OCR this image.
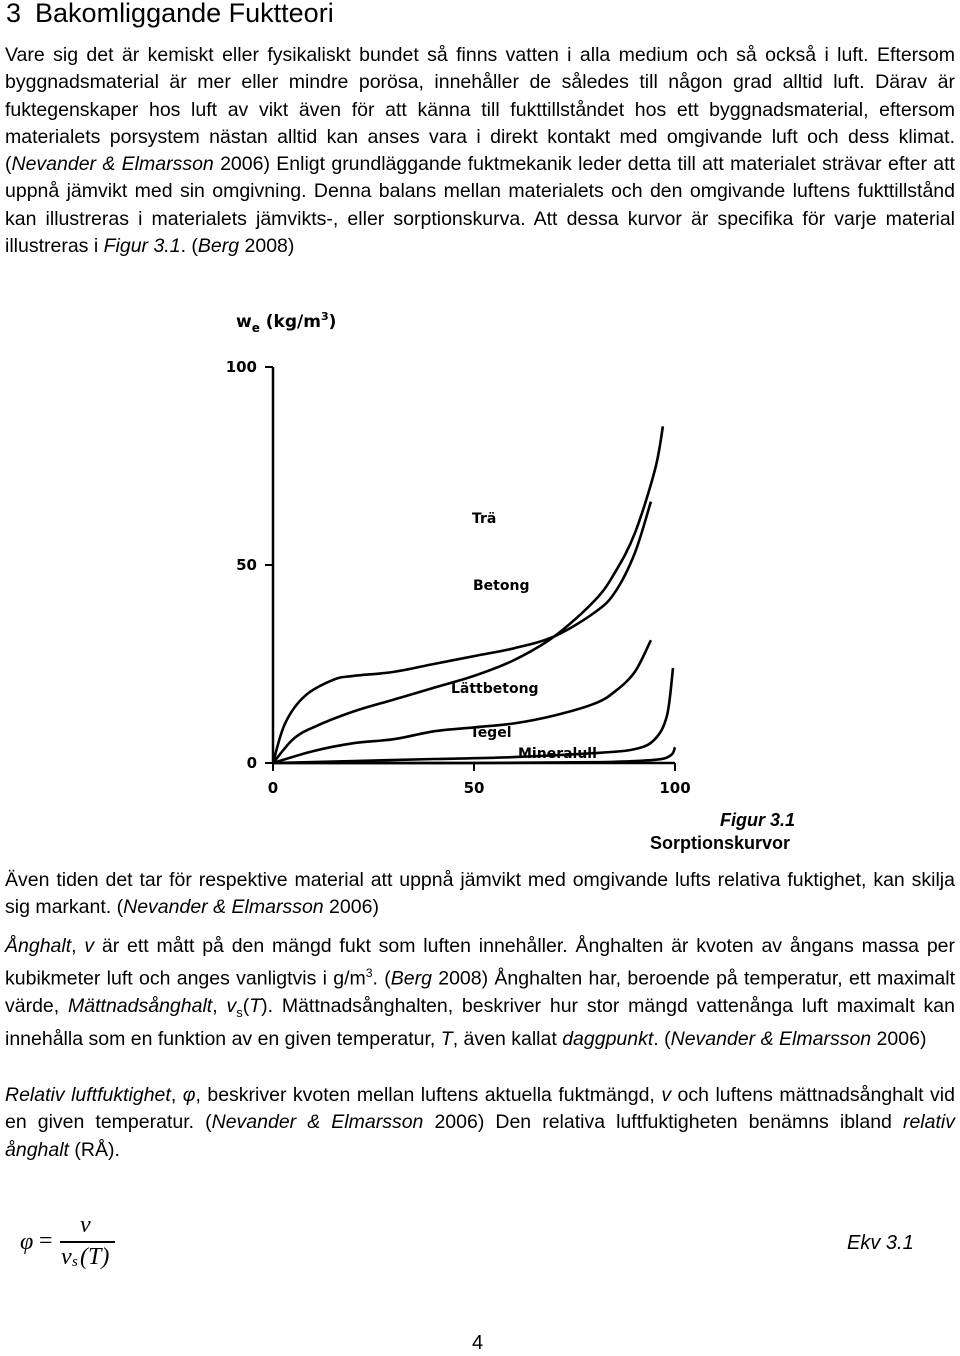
3 Bakomliggande Fuktteori

Vare sig det är kemiskt eller fysikaliskt bundet så finns vatten i alla medium och så också i luft. Eftersom byggnadsmaterial är mer eller mindre porösa, innehåller de således till någon grad alltid luft. Därav är fuktegenskaper hos luft av vikt även för att känna till fukttillståndet hos ett byggnadsmaterial, eftersom materialets porsystem nästan alltid kan anses vara i direkt kontakt med omgivande luft och dess klimat. (Nevander & Elmarsson 2006) Enligt grundläggande fuktmekanik leder detta till att materialet strävar efter att uppnå jämvikt med sin omgivning. Denna balans mellan materialets och den omgivande luftens fukttillstånd kan illustreras i materialets jämvikts-, eller sorptionskurva. Att dessa kurvor är specifika för varje material illustreras i Figur 3.1. (Berg 2008)

$w_e$ $(kg/m^3)$
0	50	100
100
50
0
Trä
Betong
Lättbetong
Tegel
Mineralull
Figur 3.1
Sorptionskurvor

Även tiden det tar för respektive material att uppnå jämvikt med omgivande lufts relativa fuktighet, kan skilja sig markant. (Nevander & Elmarsson 2006)

Ånghalt, v är ett mått på den mängd fukt som luften innehåller. Ånghalten är kvoten av ångans massa per kubikmeter luft och anges vanligtvis i $g/m^3$. (Berg 2008) Ånghalten har, beroende på temperatur, ett maximalt värde, Mättnadsånghalt, $v_s(T)$. Mättnadsånghalten, beskriver hur stor mängd vattenånga luft maximalt kan innehålla som en funktion av en given temperatur, T, även kallat daggpunkt. (Nevander & Elmarsson 2006)

Relativ luftfuktighet, φ, beskriver kvoten mellan luftens aktuella fuktmängd, v och luftens mättnadsånghalt vid en given temperatur. (Nevander & Elmarsson 2006) Den relativa luftfuktigheten benämns ibland relativ ånghalt (RÅ).

φ =
v
v s (T)
Ekv 3.1
4
